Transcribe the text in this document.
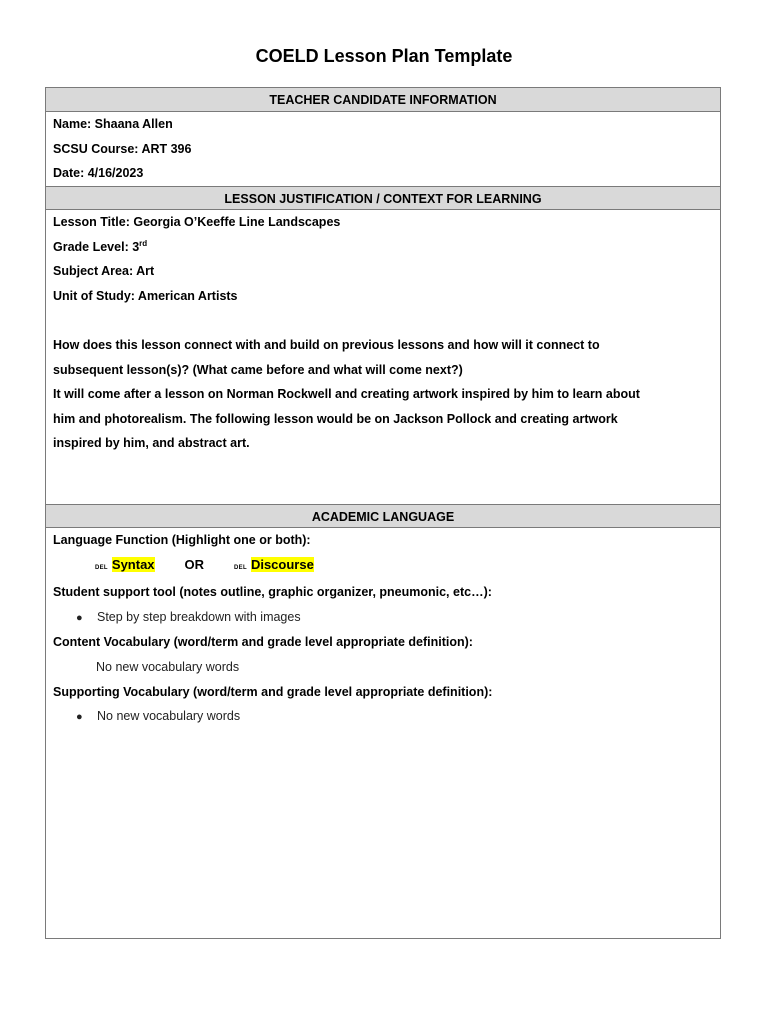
COELD Lesson Plan Template
TEACHER CANDIDATE INFORMATION
Name: Shaana Allen
SCSU Course: ART 396
Date: 4/16/2023
LESSON JUSTIFICATION / CONTEXT FOR LEARNING
Lesson Title: Georgia O’Keeffe Line Landscapes
Grade Level: 3rd
Subject Area: Art
Unit of Study: American Artists

How does this lesson connect with and build on previous lessons and how will it connect to
subsequent lesson(s)? (What came before and what will come next?)
It will come after a lesson on Norman Rockwell and creating artwork inspired by him to learn about
him and photorealism. The following lesson would be on Jackson Pollock and creating artwork
inspired by him, and abstract art.
ACADEMIC LANGUAGE
Language Function (Highlight one or both):
DEL Syntax OR	DEL Discourse
Student support tool (notes outline, graphic organizer, pneumonic, etc…):
● Step by step breakdown with images
Content Vocabulary (word/term and grade level appropriate definition):
No new vocabulary words
Supporting Vocabulary (word/term and grade level appropriate definition):
● No new vocabulary words
